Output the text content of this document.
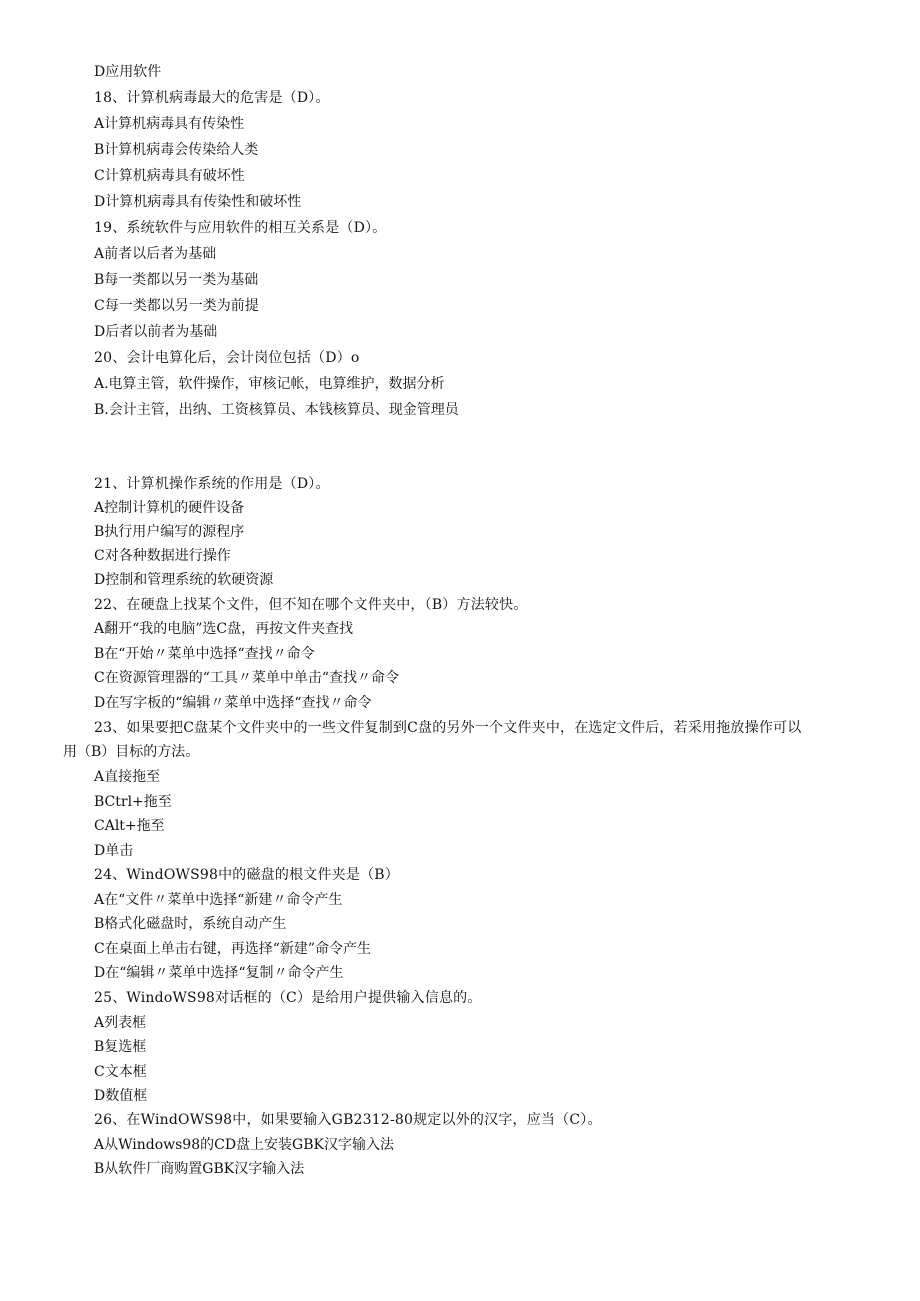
D应用软件
18、计算机病毒最大的危害是（D）。
A计算机病毒具有传染性
B计算机病毒会传染给人类
C计算机病毒具有破坏性
D计算机病毒具有传染性和破坏性
19、系统软件与应用软件的相互关系是（D）。
A前者以后者为基础
B每一类都以另一类为基础
C每一类都以另一类为前提
D后者以前者为基础
20、会计电算化后，会计岗位包括（D）o
A.电算主管，软件操作，审核记帐，电算维护，数据分析
B.会计主管，出纳、工资核算员、本钱核算员、现金管理员
21、计算机操作系统的作用是（D）。
A控制计算机的硬件设备
B执行用户编写的源程序
C对各种数据进行操作
D控制和管理系统的软硬资源
22、在硬盘上找某个文件，但不知在哪个文件夹中，（B）方法较快。
A翻开“我的电脑”选C盘，再按文件夹查找
B在“开始〃菜单中选择“查找〃命令
C在资源管理器的“工具〃菜单中单击“查找〃命令
D在写字板的“编辑〃菜单中选择“查找〃命令
23、如果要把C盘某个文件夹中的一些文件复制到C盘的另外一个文件夹中，在选定文件后，若采用拖放操作可以
用（B）目标的方法。
A直接拖至
BCtrl+拖至
CAlt+拖至
D单击
24、WindOWS98中的磁盘的根文件夹是（B）
A在“文件〃菜单中选择“新建〃命令产生
B格式化磁盘时，系统自动产生
C在桌面上单击右键，再选择“新建”命令产生
D在“编辑〃菜单中选择“复制〃命令产生
25、WindoWS98对话框的（C）是给用户提供输入信息的。
A列表框
B复选框
C文本框
D数值框
26、在WindOWS98中，如果要输入GB2312-80规定以外的汉字，应当（C）。
A从Windows98的CD盘上安装GBK汉字输入法
B从软件厂商购置GBK汉字输入法
